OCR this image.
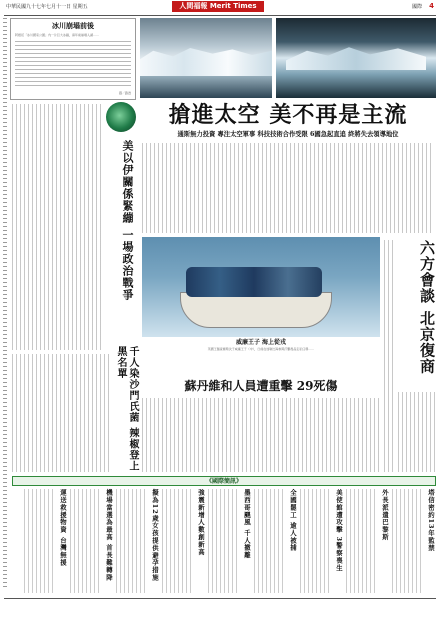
中華民國九十七年七月十一日 星期五	人間福報 Merit Times	國際 4
冰川崩塌前後
阿根廷「冰川國家公園」內一片巨大冰牆，兩年前崩塌入湖……
圖／路透
美以伊關係緊繃 一場政治戰爭
搶進太空 美不再是主流
通斯無力投資 專注太空軍事 科技技術合作受限 6國急起直追 終將失去領導地位
威廉王子 海上從戎
英國王儲查爾斯次子威廉王子（中），日前在加勒比海參與打擊毒品走私任務……	六方會談 北京復商
千人染沙門氏菌 辣椒登上黑名單
蘇丹維和人員遭重擊 29死傷
《國際簡訊》
塔信密約13年監禁
外長派遣巴黎斯
美使館遭攻擊 3警察喪生
全國罷工 逾人被捕
墨西哥颶風 千人撤離
強震新增人數創新高
擬為12歲女孩提供避孕措施
機場當選為最高 首長難轉降
運送救援物資 台灣無援
